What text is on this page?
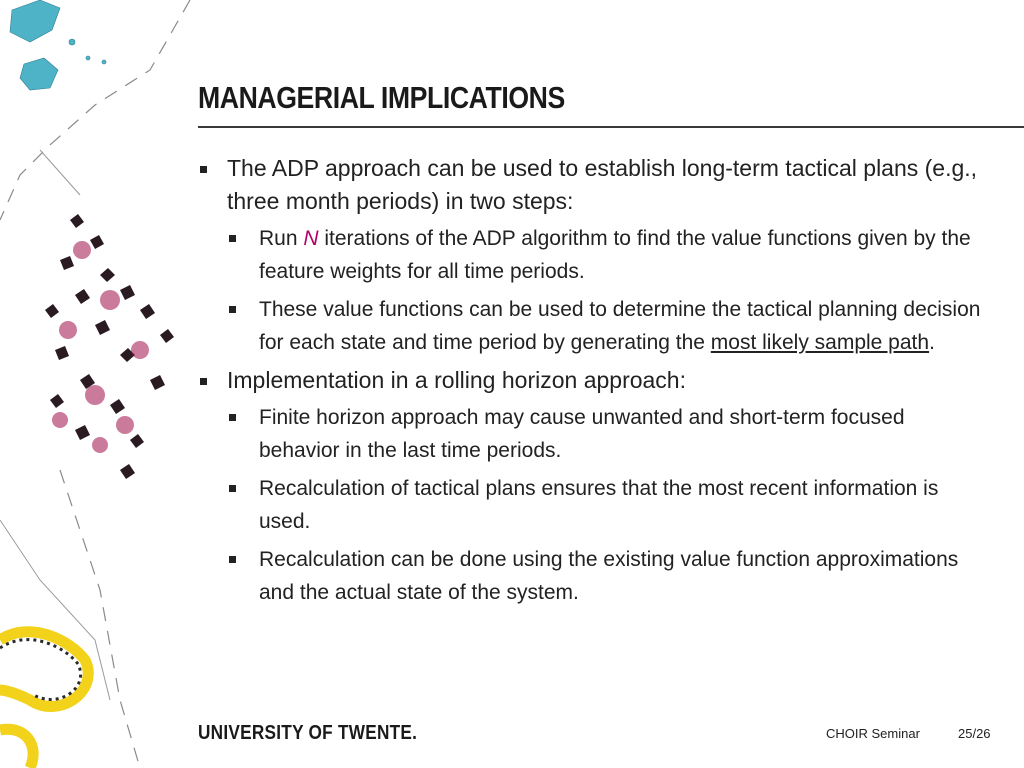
MANAGERIAL IMPLICATIONS
The ADP approach can be used to establish long-term tactical plans (e.g., three month periods) in two steps:
Run N iterations of the ADP algorithm to find the value functions given by the feature weights for all time periods.
These value functions can be used to determine the tactical planning decision for each state and time period by generating the most likely sample path.
Implementation in a rolling horizon approach:
Finite horizon approach may cause unwanted and short-term focused behavior in the last time periods.
Recalculation of tactical plans ensures that the most recent information is used.
Recalculation can be done using the existing value function approximations and the actual state of the system.
UNIVERSITY OF TWENTE.	CHOIR Seminar	25/26
